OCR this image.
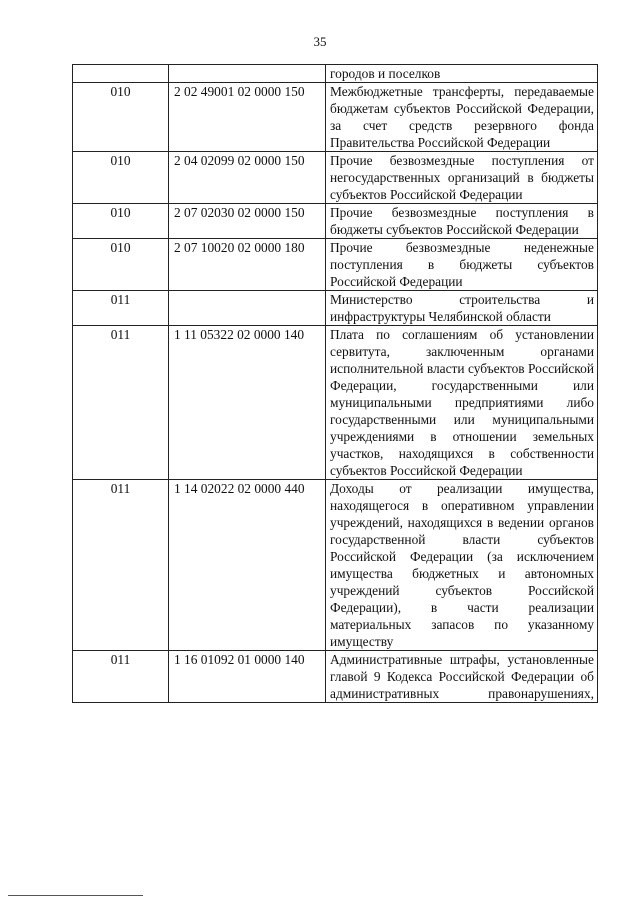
35
		городов и поселков
010	2 02 49001 02 0000 150	Межбюджетные трансферты, передаваемые бюджетам субъектов Российской Федерации, за счет средств резервного фонда Правительства Российской Федерации
010	2 04 02099 02 0000 150	Прочие безвозмездные поступления от негосударственных организаций в бюджеты субъектов Российской Федерации
010	2 07 02030 02 0000 150	Прочие безвозмездные поступления в бюджеты субъектов Российской Федерации
010	2 07 10020 02 0000 180	Прочие безвозмездные неденежные поступления в бюджеты субъектов Российской Федерации
011		Министерство строительства и инфраструктуры Челябинской области
011	1 11 05322 02 0000 140	Плата по соглашениям об установлении сервитута, заключенным органами исполнительной власти субъектов Российской Федерации, государственными или муниципальными предприятиями либо государственными или муниципальными учреждениями в отношении земельных участков, находящихся в собственности субъектов Российской Федерации
011	1 14 02022 02 0000 440	Доходы от реализации имущества, находящегося в оперативном управлении учреждений, находящихся в ведении органов государственной власти субъектов Российской Федерации (за исключением имущества бюджетных и автономных учреждений субъектов Российской Федерации), в части реализации материальных запасов по указанному имуществу
011	1 16 01092 01 0000 140	Административные штрафы, установленные главой 9 Кодекса Российской Федерации об административных правонарушениях,
